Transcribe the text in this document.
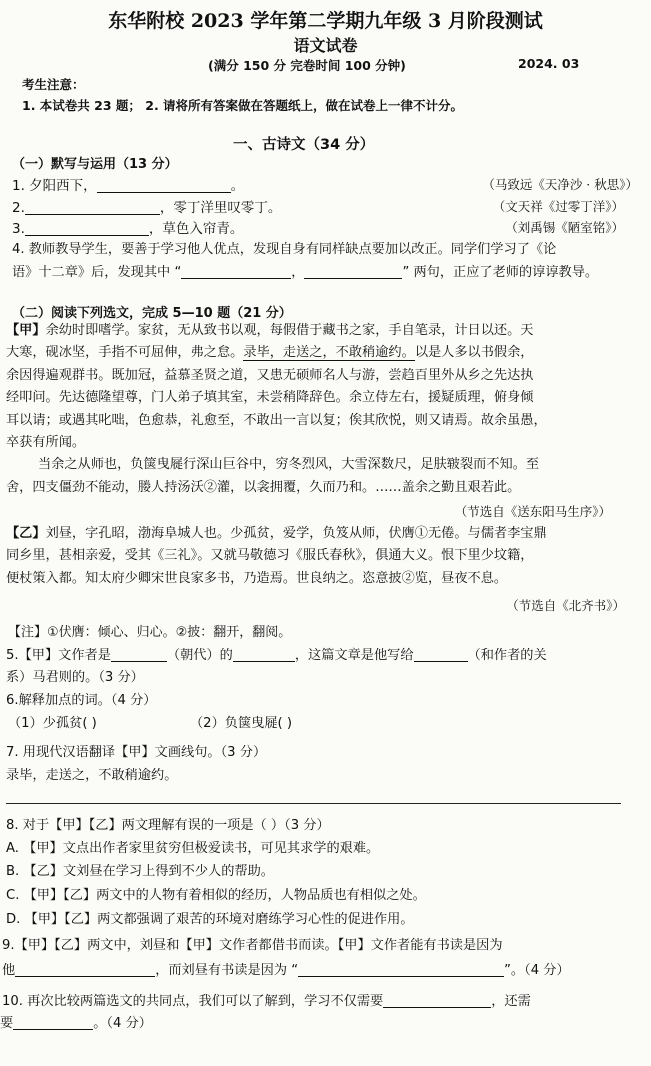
东华附校 2023 学年第二学期九年级 3 月阶段测试
语文试卷
(满分 150 分 完卷时间 100 分钟)	2024. 03
考生注意：
1. 本试卷共 23 题； 2. 请将所有答案做在答题纸上，做在试卷上一律不计分。
一、古诗文（34 分）
（一）默写与运用（13 分）
1. 夕阳西下，	。	（马致远《天净沙 · 秋思》）
2.	，零丁洋里叹零丁。	（文天祥《过零丁洋》）
3.	，草色入帘青。	（刘禹锡《陋室铭》）
4. 教师教导学生，要善于学习他人优点，发现自身有同样缺点要加以改正。同学们学习了《论
语》十二章》后，发现其中 “	，	” 两句，正应了老师的谆谆教导。
（二）阅读下列选文，完成 5—10 题（21 分）
【甲】余幼时即嗜学。家贫，无从致书以观，每假借于藏书之家，手自笔录，计日以还。天
大寒，砚冰坚，手指不可屈伸，弗之怠。录毕，走送之，不敢稍逾约。以是人多以书假余，
余因得遍观群书。既加冠，益慕圣贤之道，又患无硕师名人与游，尝趋百里外从乡之先达执
经叩问。先达德隆望尊，门人弟子填其室，未尝稍降辞色。余立侍左右，援疑质理，俯身倾
耳以请；或遇其叱咄，色愈恭，礼愈至，不敢出一言以复；俟其欣悦，则又请焉。故余虽愚，
卒获有所闻。
当余之从师也，负箧曳屣行深山巨谷中，穷冬烈风，大雪深数尺，足肤皲裂而不知。至
舍，四支僵劲不能动，媵人持汤沃②灌，以衾拥覆，久而乃和。……盖余之勤且艰若此。
（节选自《送东阳马生序》）
【乙】刘昼，字孔昭，渤海阜城人也。少孤贫，爱学，负笈从师，伏膺①无倦。与儒者李宝鼎
同乡里，甚相亲爱，受其《三礼》。又就马敬德习《服氏春秋》，俱通大义。恨下里少坟籍，
便杖策入都。知太府少卿宋世良家多书，乃造焉。世良纳之。恣意披②览，昼夜不息。
（节选自《北齐书》）
【注】①伏膺：倾心、归心。②披：翻开，翻阅。
5.【甲】文作者是	（朝代）的	，这篇文章是他写给	（和作者的关
系）马君则的。（3 分）
6.解释加点的词。（4 分）
（1）少孤贫( )	（2）负箧曳屣( )
7. 用现代汉语翻译【甲】文画线句。（3 分）
录毕，走送之，不敢稍逾约。
8. 对于【甲】【乙】两文理解有误的一项是（ ）（3 分）
A. 【甲】文点出作者家里贫穷但极爱读书，可见其求学的艰难。
B. 【乙】文刘昼在学习上得到不少人的帮助。
C. 【甲】【乙】两文中的人物有着相似的经历，人物品质也有相似之处。
D. 【甲】【乙】两文都强调了艰苦的环境对磨练学习心性的促进作用。
9.【甲】【乙】两文中，刘昼和【甲】文作者都借书而读。【甲】文作者能有书读是因为
他	，而刘昼有书读是因为 “	”。（4 分）
10. 再次比较两篇选文的共同点，我们可以了解到，学习不仅需要	，还需
要	。（4 分）
